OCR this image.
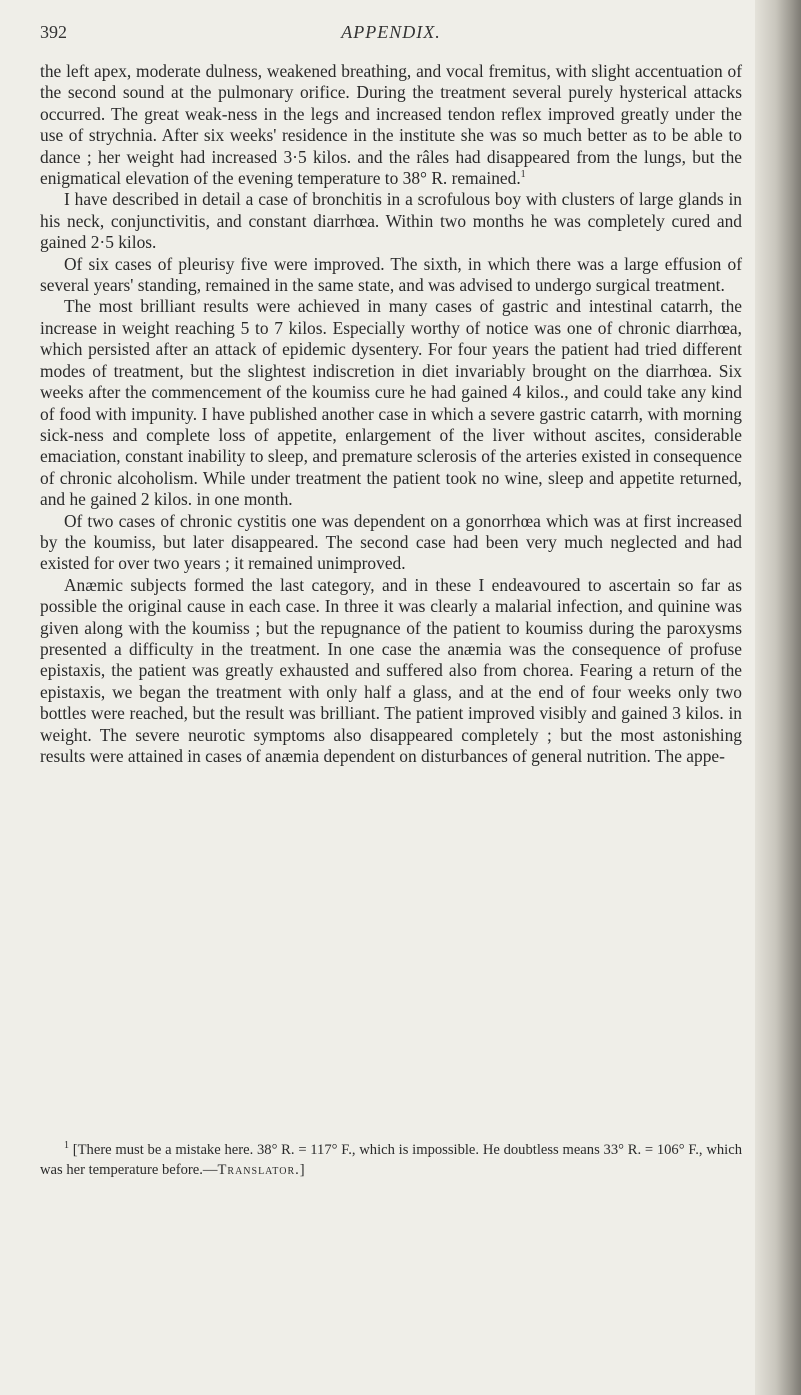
392	APPENDIX.

the left apex, moderate dulness, weakened breathing, and vocal fremitus, with slight accentuation of the second sound at the pulmonary orifice. During the treatment several purely hysterical attacks occurred. The great weak-ness in the legs and increased tendon reflex improved greatly under the use of strychnia. After six weeks' residence in the institute she was so much better as to be able to dance ; her weight had increased 3·5 kilos. and the râles had disappeared from the lungs, but the enigmatical elevation of the evening temperature to 38° R. remained.$^1$

I have described in detail a case of bronchitis in a scrofulous boy with clusters of large glands in his neck, conjunctivitis, and constant diarrhœa. Within two months he was completely cured and gained 2·5 kilos.

Of six cases of pleurisy five were improved. The sixth, in which there was a large effusion of several years' standing, remained in the same state, and was advised to undergo surgical treatment.

The most brilliant results were achieved in many cases of gastric and intestinal catarrh, the increase in weight reaching 5 to 7 kilos. Especially worthy of notice was one of chronic diarrhœa, which persisted after an attack of epidemic dysentery. For four years the patient had tried different modes of treatment, but the slightest indiscretion in diet invariably brought on the diarrhœa. Six weeks after the commencement of the koumiss cure he had gained 4 kilos., and could take any kind of food with impunity. I have published another case in which a severe gastric catarrh, with morning sick-ness and complete loss of appetite, enlargement of the liver without ascites, considerable emaciation, constant inability to sleep, and premature sclerosis of the arteries existed in consequence of chronic alcoholism. While under treatment the patient took no wine, sleep and appetite returned, and he gained 2 kilos. in one month.

Of two cases of chronic cystitis one was dependent on a gonorrhœa which was at first increased by the koumiss, but later disappeared. The second case had been very much neglected and had existed for over two years ; it remained unimproved.

Anæmic subjects formed the last category, and in these I endeavoured to ascertain so far as possible the original cause in each case. In three it was clearly a malarial infection, and quinine was given along with the koumiss ; but the repugnance of the patient to koumiss during the paroxysms presented a difficulty in the treatment. In one case the anæmia was the consequence of profuse epistaxis, the patient was greatly exhausted and suffered also from chorea. Fearing a return of the epistaxis, we began the treatment with only half a glass, and at the end of four weeks only two bottles were reached, but the result was brilliant. The patient improved visibly and gained 3 kilos. in weight. The severe neurotic symptoms also disappeared completely ; but the most astonishing results were attained in cases of anæmia dependent on disturbances of general nutrition. The appe-

$^1$ [There must be a mistake here. 38° R. = 117° F., which is impossible. He doubtless means 33° R. = 106° F., which was her temperature before.—Translator.]
